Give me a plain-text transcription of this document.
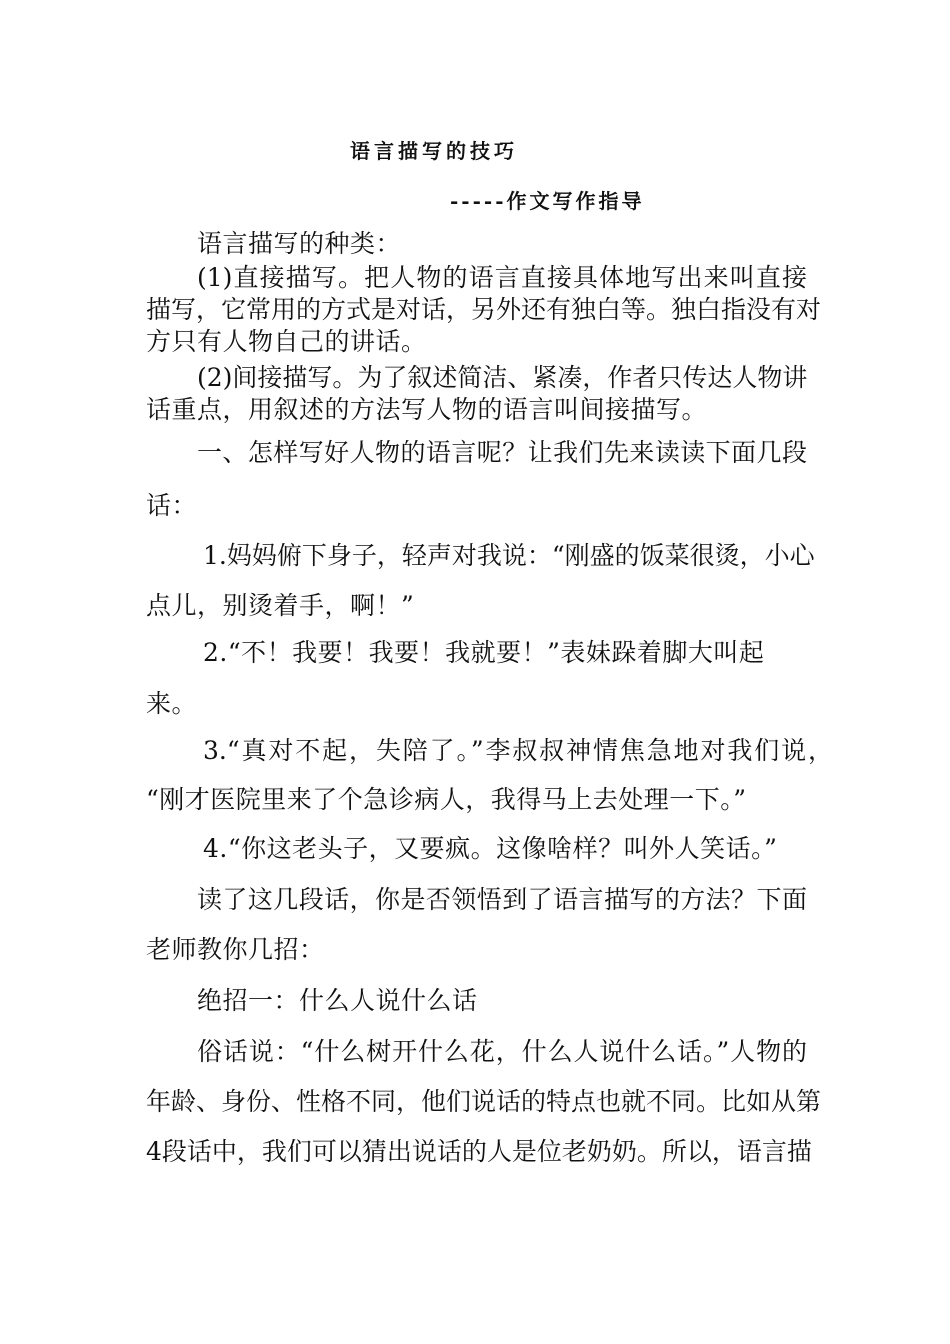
语言描写的技巧
-----作文写作指导
语言描写的种类：
(1)直接描写。把人物的语言直接具体地写出来叫直接
描写，它常用的方式是对话，另外还有独白等。独白指没有对
方只有人物自己的讲话。
(2)间接描写。为了叙述简洁、紧凑，作者只传达人物讲
话重点，用叙述的方法写人物的语言叫间接描写。
一、怎样写好人物的语言呢？让我们先来读读下面几段
话：
1.妈妈俯下身子，轻声对我说：“刚盛的饭菜很烫，小心
点儿，别烫着手，啊！”
2.“不！我要！我要！我就要！”表妹跺着脚大叫起
来。
3.“真对不起，失陪了。”李叔叔神情焦急地对我们说，
“刚才医院里来了个急诊病人，我得马上去处理一下。”
4.“你这老头子，又要疯。这像啥样？叫外人笑话。”
读了这几段话，你是否领悟到了语言描写的方法？下面
老师教你几招：
绝招一：什么人说什么话
俗话说：“什么树开什么花，什么人说什么话。”人物的
年龄、身份、性格不同，他们说话的特点也就不同。比如从第
4段话中，我们可以猜出说话的人是位老奶奶。所以，语言描
